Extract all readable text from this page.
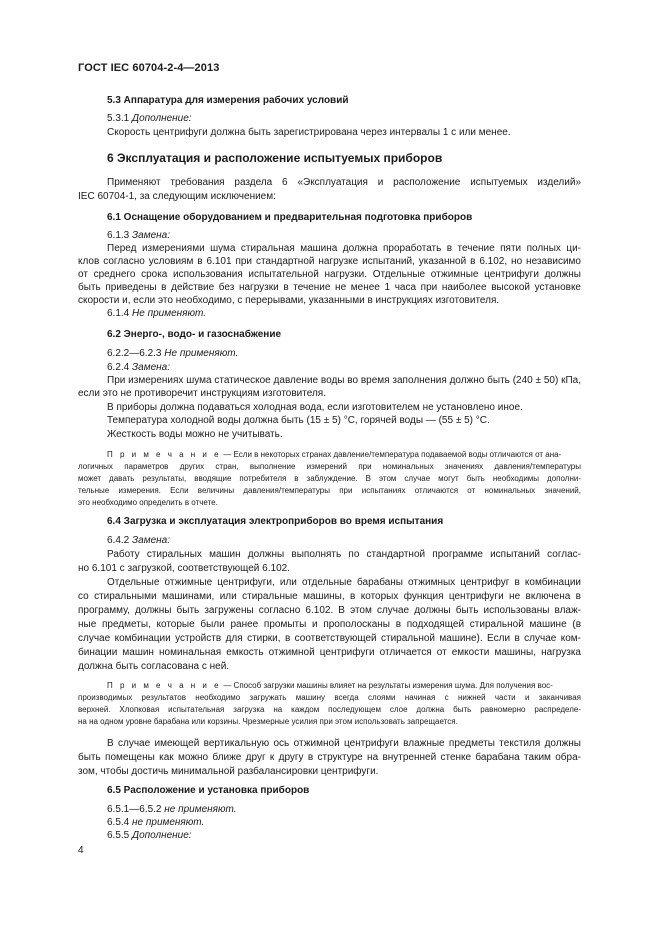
ГОСТ IEC 60704-2-4—2013
5.3 Аппаратура для измерения рабочих условий
5.3.1 Дополнение:
Скорость центрифуги должна быть зарегистрирована через интервалы 1 с или менее.
6 Эксплуатация и расположение испытуемых приборов
Применяют требования раздела 6 «Эксплуатация и расположение испытуемых изделий»
IEC 60704-1, за следующим исключением:
6.1 Оснащение оборудованием и предварительная подготовка приборов
6.1.3 Замена:
Перед измерениями шума стиральная машина должна проработать в течение пяти полных ци-
клов согласно условиям в 6.101 при стандартной нагрузке испытаний, указанной в 6.102, но независимо
от среднего срока использования испытательной нагрузки. Отдельные отжимные центрифуги должны
быть приведены в действие без нагрузки в течение не менее 1 часа при наиболее высокой установке
скорости и, если это необходимо, с перерывами, указанными в инструкциях изготовителя.
6.1.4 Не применяют.
6.2 Энерго-, водо- и газоснабжение
6.2.2—6.2.3 Не применяют.
6.2.4 Замена:
При измерениях шума статическое давление воды во время заполнения должно быть (240 ± 50) кПа,
если это не противоречит инструкциям изготовителя.
В приборы должна подаваться холодная вода, если изготовителем не установлено иное.
Температура холодной воды должна быть (15 ± 5) °С, горячей воды — (55 ± 5) °С.
Жесткость воды можно не учитывать.
П р и м е ч а н и е — Если в некоторых странах давление/температура подаваемой воды отличаются от ана-
логичных параметров других стран, выполнение измерений при номинальных значениях давления/температуры
может давать результаты, вводящие потребителя в заблуждение. В этом случае могут быть необходимы дополни-
тельные измерения. Если величины давления/температуры при испытаниях отличаются от номинальных значений,
это необходимо определить в отчете.
6.4 Загрузка и эксплуатация электроприборов во время испытания
6.4.2 Замена:
Работу стиральных машин должны выполнять по стандартной программе испытаний соглас-
но 6.101 с загрузкой, соответствующей 6.102.
Отдельные отжимные центрифуги, или отдельные барабаны отжимных центрифуг в комбинации
со стиральными машинами, или стиральные машины, в которых функция центрифуги не включена в
программу, должны быть загружены согласно 6.102. В этом случае должны быть использованы влаж-
ные предметы, которые были ранее промыты и прополосканы в подходящей стиральной машине (в
случае комбинации устройств для стирки, в соответствующей стиральной машине). Если в случае ком-
бинации машин номинальная емкость отжимной центрифуги отличается от емкости машины, нагрузка
должна быть согласована с ней.
П р и м е ч а н и е — Способ загрузки машины влияет на результаты измерения шума. Для получения вос-
производимых результатов необходимо загружать машину всегда слоями начиная с нижней части и заканчивая
верхней. Хлопковая испытательная загрузка на каждом последующем слое должна быть равномерно распределе-
на на одном уровне барабана или корзины. Чрезмерные усилия при этом использовать запрещается.
В случае имеющей вертикальную ось отжимной центрифуги влажные предметы текстиля должны
быть помещены как можно ближе друг к другу в структуре на внутренней стенке барабана таким обра-
зом, чтобы достичь минимальной разбалансировки центрифуги.
6.5 Расположение и установка приборов
6.5.1—6.5.2 не применяют.
6.5.4 не применяют.
6.5.5 Дополнение:
4
